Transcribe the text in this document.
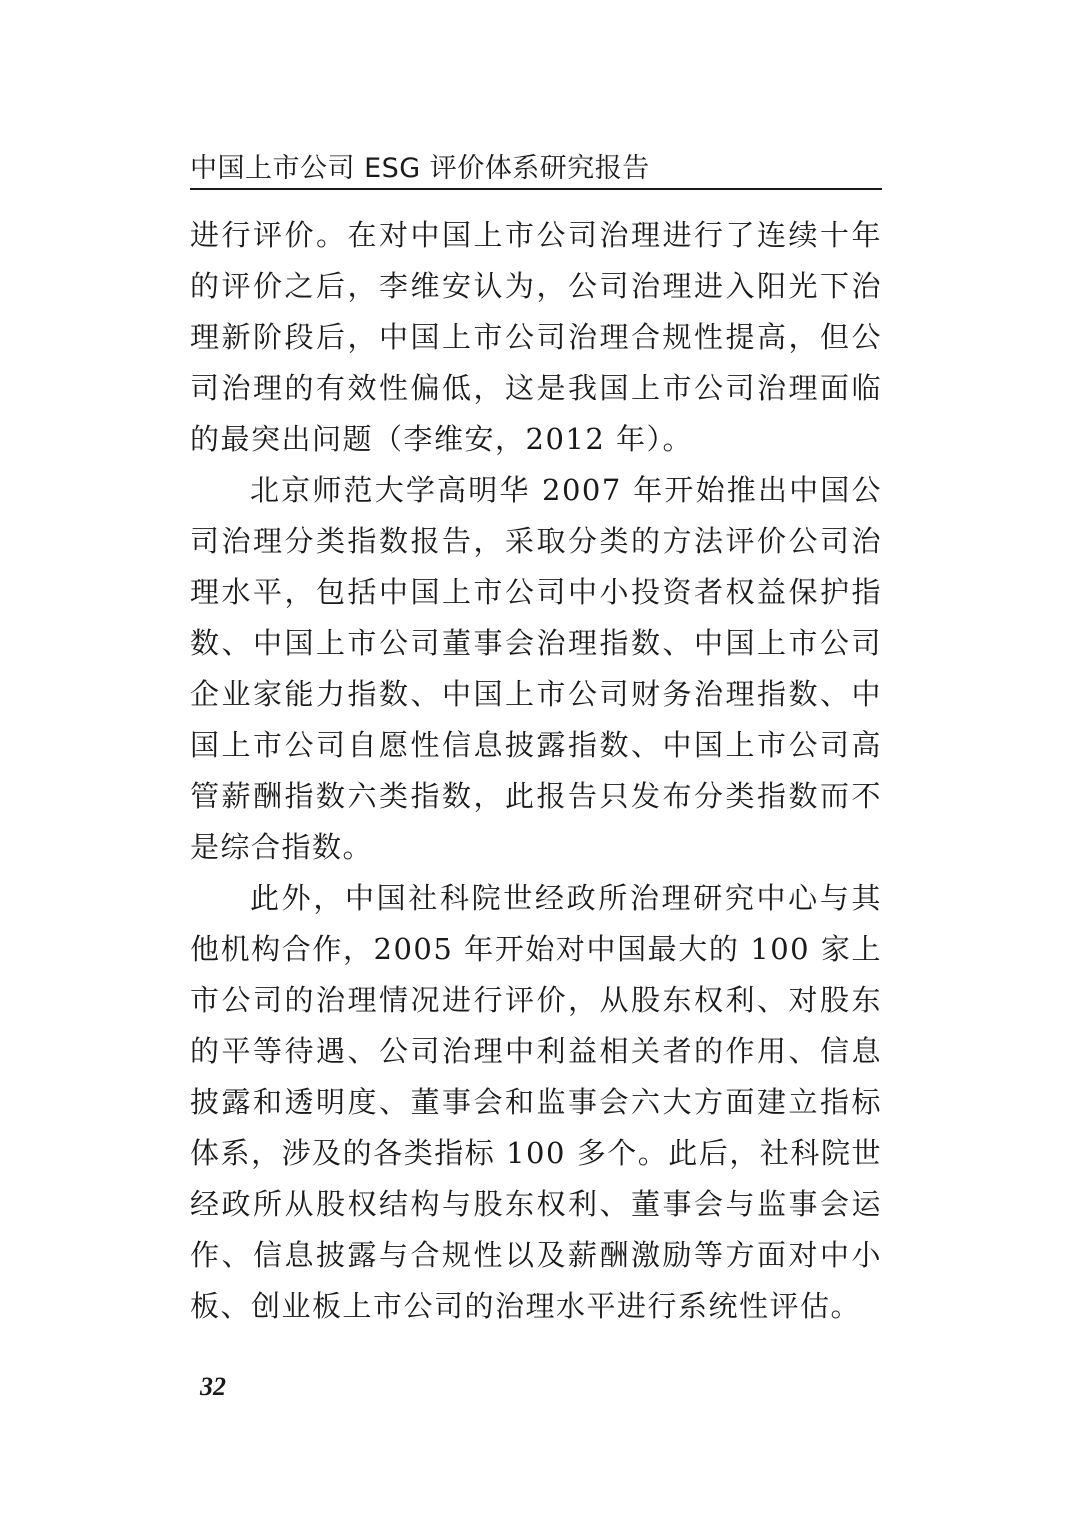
中国上市公司 ESG 评价体系研究报告

进行评价。在对中国上市公司治理进行了连续十年的评价之后，李维安认为，公司治理进入阳光下治理新阶段后，中国上市公司治理合规性提高，但公司治理的有效性偏低，这是我国上市公司治理面临的最突出问题（李维安，2012 年）。

北京师范大学高明华 2007 年开始推出中国公司治理分类指数报告，采取分类的方法评价公司治理水平，包括中国上市公司中小投资者权益保护指数、中国上市公司董事会治理指数、中国上市公司企业家能力指数、中国上市公司财务治理指数、中国上市公司自愿性信息披露指数、中国上市公司高管薪酬指数六类指数，此报告只发布分类指数而不是综合指数。

此外，中国社科院世经政所治理研究中心与其他机构合作，2005 年开始对中国最大的 100 家上市公司的治理情况进行评价，从股东权利、对股东的平等待遇、公司治理中利益相关者的作用、信息披露和透明度、董事会和监事会六大方面建立指标体系，涉及的各类指标 100 多个。此后，社科院世经政所从股权结构与股东权利、董事会与监事会运作、信息披露与合规性以及薪酬激励等方面对中小板、创业板上市公司的治理水平进行系统性评估。

32
